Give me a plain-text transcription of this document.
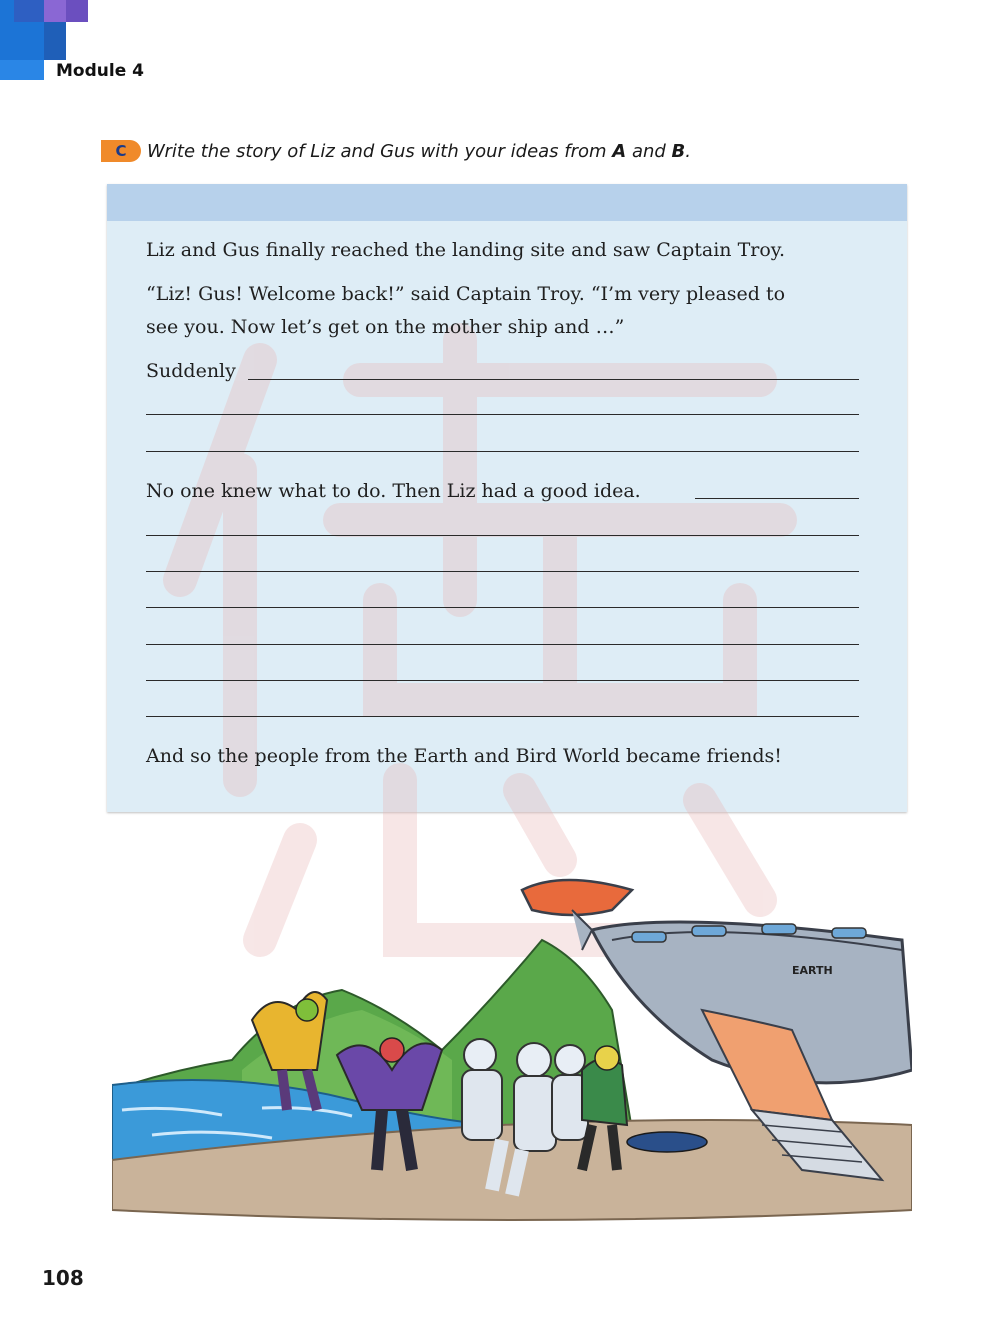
Module 4
C	Write the story of Liz and Gus with your ideas from A and B.
Liz and Gus finally reached the landing site and saw Captain Troy.
“Liz! Gus! Welcome back!” said Captain Troy. “I’m very pleased to
see you. Now let’s get on the mother ship and …”
Suddenly
No one knew what to do. Then Liz had a good idea.
And so the people from the Earth and Bird World became friends!
EARTH
108
